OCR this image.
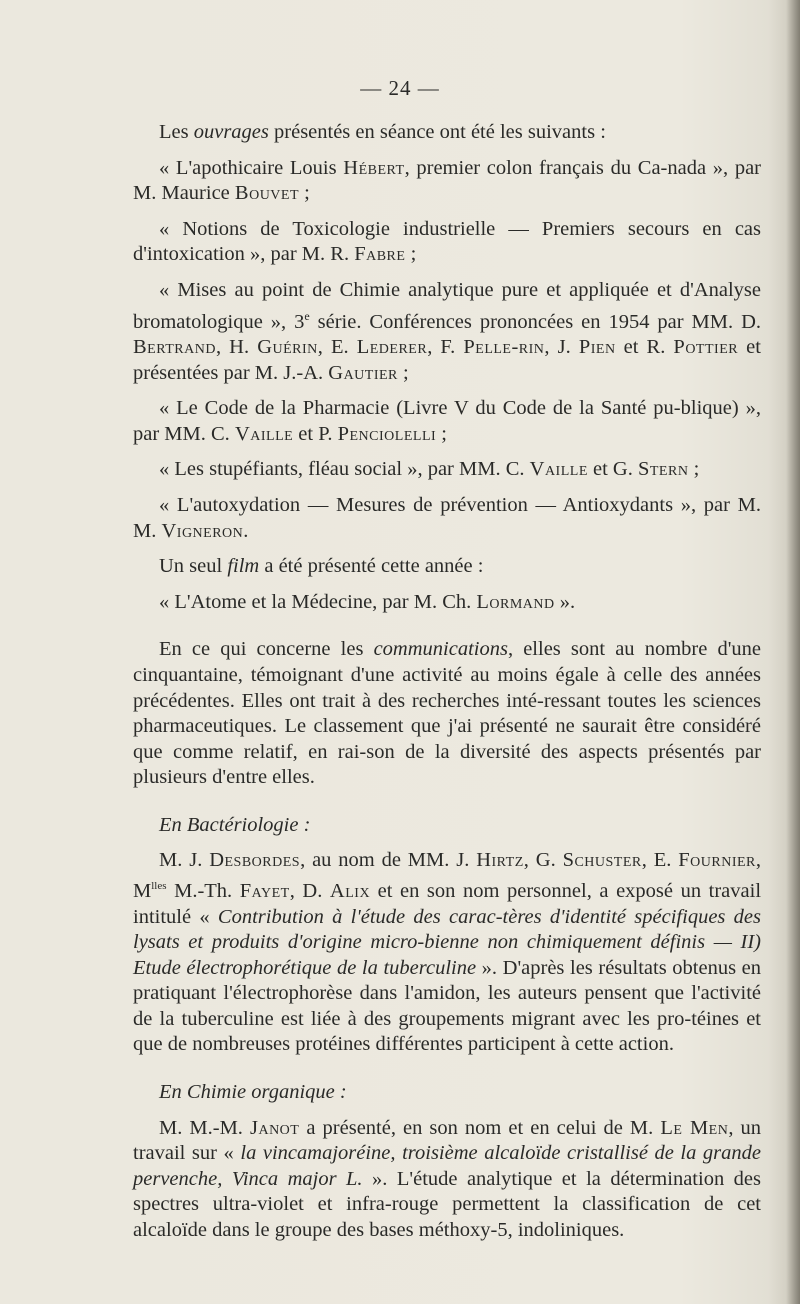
— 24 —

Les ouvrages présentés en séance ont été les suivants :

« L'apothicaire Louis Hébert, premier colon français du Ca-nada », par M. Maurice Bouvet ;

« Notions de Toxicologie industrielle — Premiers secours en cas d'intoxication », par M. R. Fabre ;

« Mises au point de Chimie analytique pure et appliquée et d'Analyse bromatologique », 3e série. Conférences prononcées en 1954 par MM. D. Bertrand, H. Guérin, E. Lederer, F. Pelle-rin, J. Pien et R. Pottier et présentées par M. J.-A. Gautier ;

« Le Code de la Pharmacie (Livre V du Code de la Santé pu-blique) », par MM. C. Vaille et P. Penciolelli ;

« Les stupéfiants, fléau social », par MM. C. Vaille et G. Stern ;

« L'autoxydation — Mesures de prévention — Antioxydants », par M. M. Vigneron.

Un seul film a été présenté cette année :

« L'Atome et la Médecine, par M. Ch. Lormand ».

En ce qui concerne les communications, elles sont au nombre d'une cinquantaine, témoignant d'une activité au moins égale à celle des années précédentes. Elles ont trait à des recherches inté-ressant toutes les sciences pharmaceutiques. Le classement que j'ai présenté ne saurait être considéré que comme relatif, en rai-son de la diversité des aspects présentés par plusieurs d'entre elles.

En Bactériologie :

M. J. Desbordes, au nom de MM. J. Hirtz, G. Schuster, E. Fournier, $M^{lles}$ M.-Th. Fayet, D. Alix et en son nom personnel, a exposé un travail intitulé « Contribution à l'étude des carac-tères d'identité spécifiques des lysats et produits d'origine micro-bienne non chimiquement définis — II) Etude électrophorétique de la tuberculine ». D'après les résultats obtenus en pratiquant l'électrophorèse dans l'amidon, les auteurs pensent que l'activité de la tuberculine est liée à des groupements migrant avec les pro-téines et que de nombreuses protéines différentes participent à cette action.

En Chimie organique :

M. M.-M. Janot a présenté, en son nom et en celui de M. Le Men, un travail sur « la vincamajoréine, troisième alcaloïde cristallisé de la grande pervenche, Vinca major L. ». L'étude analytique et la détermination des spectres ultra-violet et infra-rouge permettent la classification de cet alcaloïde dans le groupe des bases méthoxy-5, indoliniques.
